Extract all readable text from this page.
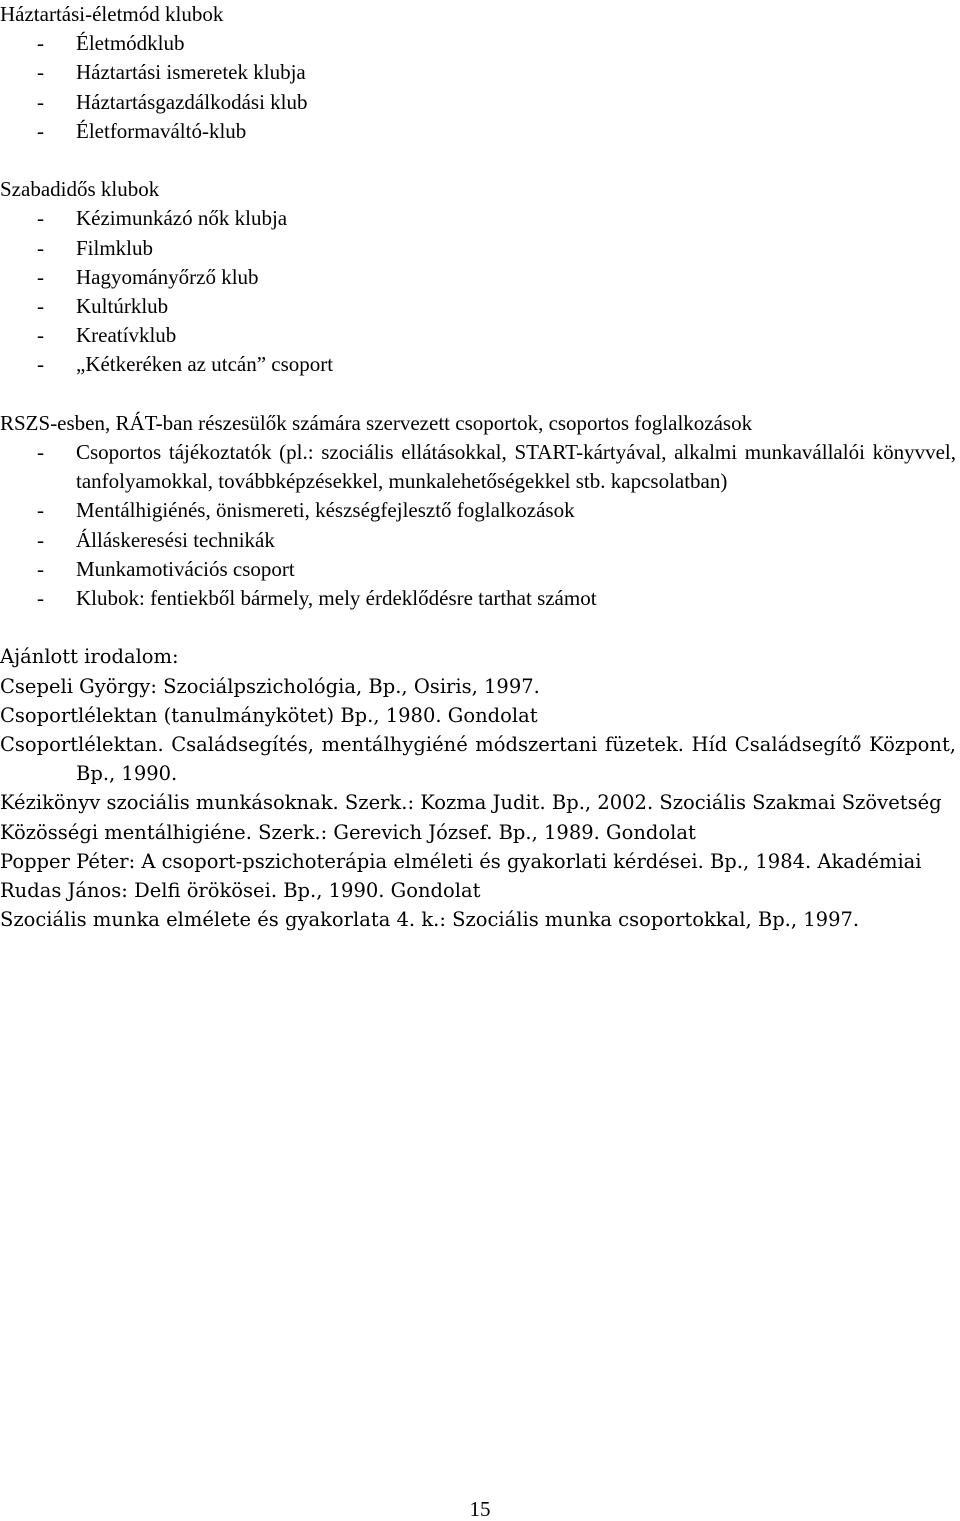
Háztartási-életmód klubok

- Életmódklub
- Háztartási ismeretek klubja
- Háztartásgazdálkodási klub
- Életformaváltó-klub

Szabadidős klubok

- Kézimunkázó nők klubja
- Filmklub
- Hagyományőrző klub
- Kultúrklub
- Kreatívklub
- „Kétkeréken az utcán” csoport

RSZS-esben, RÁT-ban részesülők számára szervezett csoportok, csoportos foglalkozások

- Csoportos tájékoztatók (pl.: szociális ellátásokkal, START-kártyával, alkalmi munkavállalói könyvvel, tanfolyamokkal, továbbképzésekkel, munkalehetőségekkel stb. kapcsolatban)
- Mentálhigiénés, önismereti, készségfejlesztő foglalkozások
- Álláskeresési technikák
- Munkamotivációs csoport
- Klubok: fentiekből bármely, mely érdeklődésre tarthat számot

Ajánlott irodalom:

Csepeli György: Szociálpszichológia, Bp., Osiris, 1997.

Csoportlélektan (tanulmánykötet) Bp., 1980. Gondolat

Csoportlélektan. Családsegítés, mentálhygiéné módszertani füzetek. Híd Családsegítő Központ, Bp., 1990.

Kézikönyv szociális munkásoknak. Szerk.: Kozma Judit. Bp., 2002. Szociális Szakmai Szövetség

Közösségi mentálhigiéne. Szerk.: Gerevich József. Bp., 1989. Gondolat

Popper Péter: A csoport-pszichoterápia elméleti és gyakorlati kérdései. Bp., 1984. Akadémiai

Rudas János: Delfi örökösei. Bp., 1990. Gondolat

Szociális munka elmélete és gyakorlata 4. k.: Szociális munka csoportokkal, Bp., 1997.

15
